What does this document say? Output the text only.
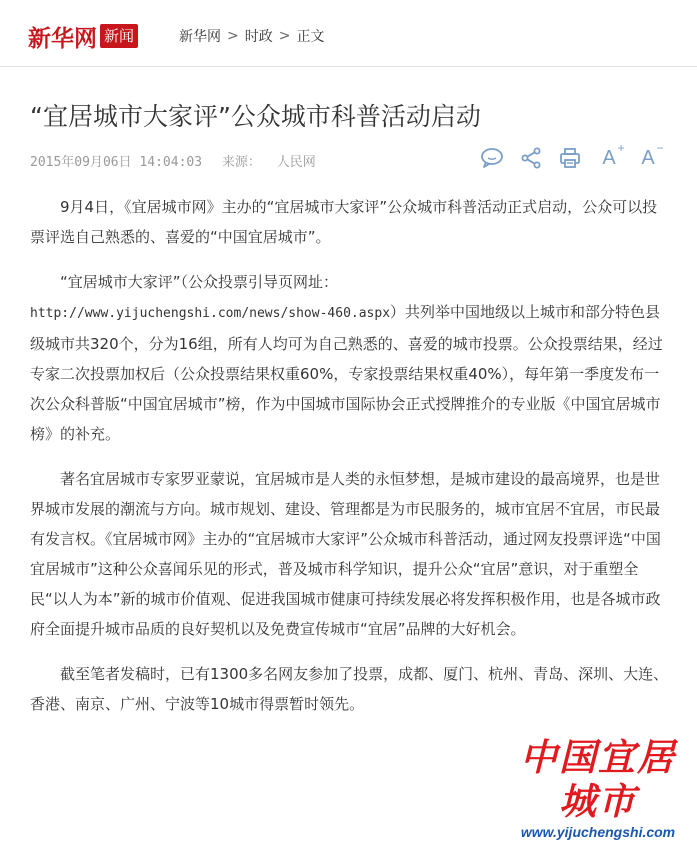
新华网 新闻	新华网 > 时政 > 正文
“宜居城市大家评”公众城市科普活动启动
2015年09月06日 14:04:03 来源： 人民网	A + A −

9月4日，《宜居城市网》主办的“宜居城市大家评”公众城市科普活动正式启动，公众可以投票评选自己熟悉的、喜爱的“中国宜居城市”。

“宜居城市大家评”（公众投票引导页网址：
http://www.yijuchengshi.com/news/show-460.aspx）共列举中国地级以上城市和部分特色县级城市共320个，分为16组，所有人均可为自己熟悉的、喜爱的城市投票。公众投票结果，经过专家二次投票加权后（公众投票结果权重60%，专家投票结果权重40%），每年第一季度发布一次公众科普版“中国宜居城市”榜，作为中国城市国际协会正式授牌推介的专业版《中国宜居城市榜》的补充。

著名宜居城市专家罗亚蒙说，宜居城市是人类的永恒梦想，是城市建设的最高境界，也是世界城市发展的潮流与方向。城市规划、建设、管理都是为市民服务的，城市宜居不宜居，市民最有发言权。《宜居城市网》主办的“宜居城市大家评”公众城市科普活动，通过网友投票评选“中国宜居城市”这种公众喜闻乐见的形式，普及城市科学知识，提升公众“宜居”意识，对于重塑全民“以人为本”新的城市价值观、促进我国城市健康可持续发展必将发挥积极作用，也是各城市政府全面提升城市品质的良好契机以及免费宣传城市“宜居”品牌的大好机会。

截至笔者发稿时，已有1300多名网友参加了投票，成都、厦门、杭州、青岛、深圳、大连、香港、南京、广州、宁波等10城市得票暂时领先。

中国宜居城市
www.yijuchengshi.com
